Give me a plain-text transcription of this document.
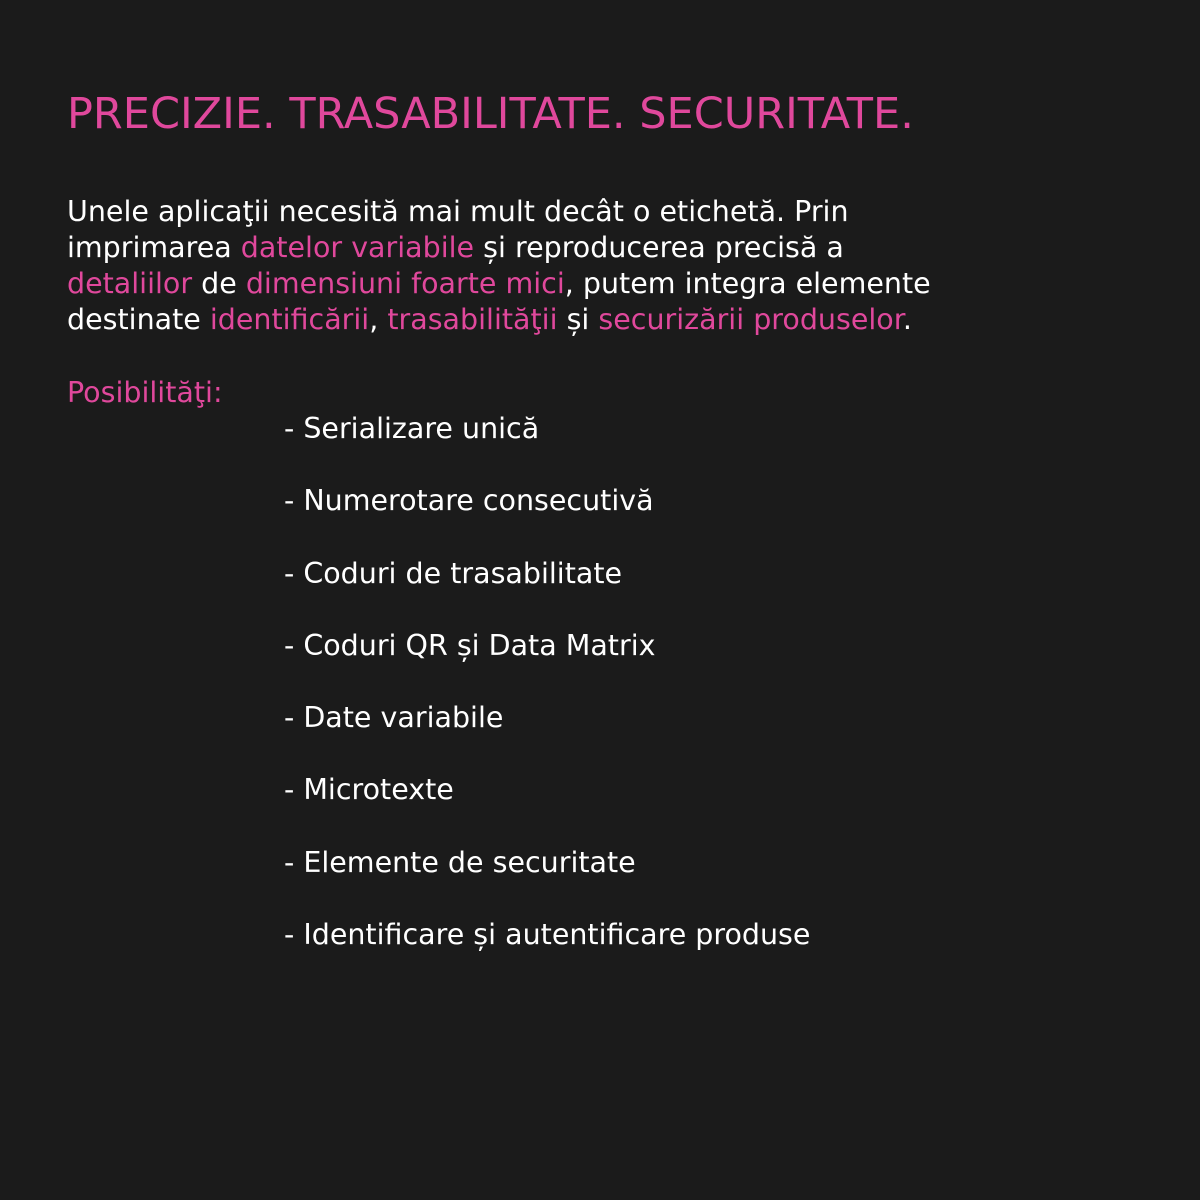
PRECIZIE. TRASABILITATE. SECURITATE.

Unele aplicaţii necesită mai mult decât o etichetă. Prin
imprimarea datelor variabile și reproducerea precisă a
detaliilor de dimensiuni foarte mici, putem integra elemente
destinate identificării, trasabilităţii și securizării produselor.

Posibilităţi:

- Serializare unică
- Numerotare consecutivă
- Coduri de trasabilitate
- Coduri QR și Data Matrix
- Date variabile
- Microtexte
- Elemente de securitate
- Identificare și autentificare produse
